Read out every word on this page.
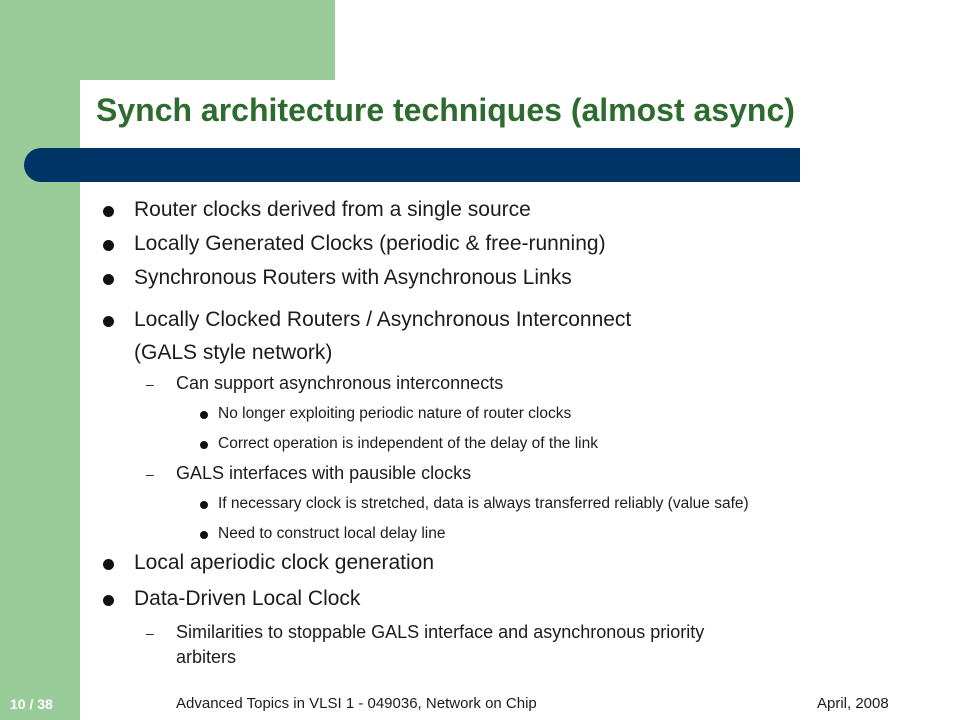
Synch architecture techniques (almost async)
Router clocks derived from a single source
Locally Generated Clocks (periodic & free-running)
Synchronous Routers with Asynchronous Links
Locally Clocked Routers / Asynchronous Interconnect
(GALS style network)
– Can support asynchronous interconnects
No longer exploiting periodic nature of router clocks
Correct operation is independent of the delay of the link
– GALS interfaces with pausible clocks
If necessary clock is stretched, data is always transferred reliably (value safe)
Need to construct local delay line
Local aperiodic clock generation
Data-Driven Local Clock
– Similarities to stoppable GALS interface and asynchronous priority
arbiters
10 / 38	Advanced Topics in VLSI 1 - 049036, Network on Chip	April, 2008
